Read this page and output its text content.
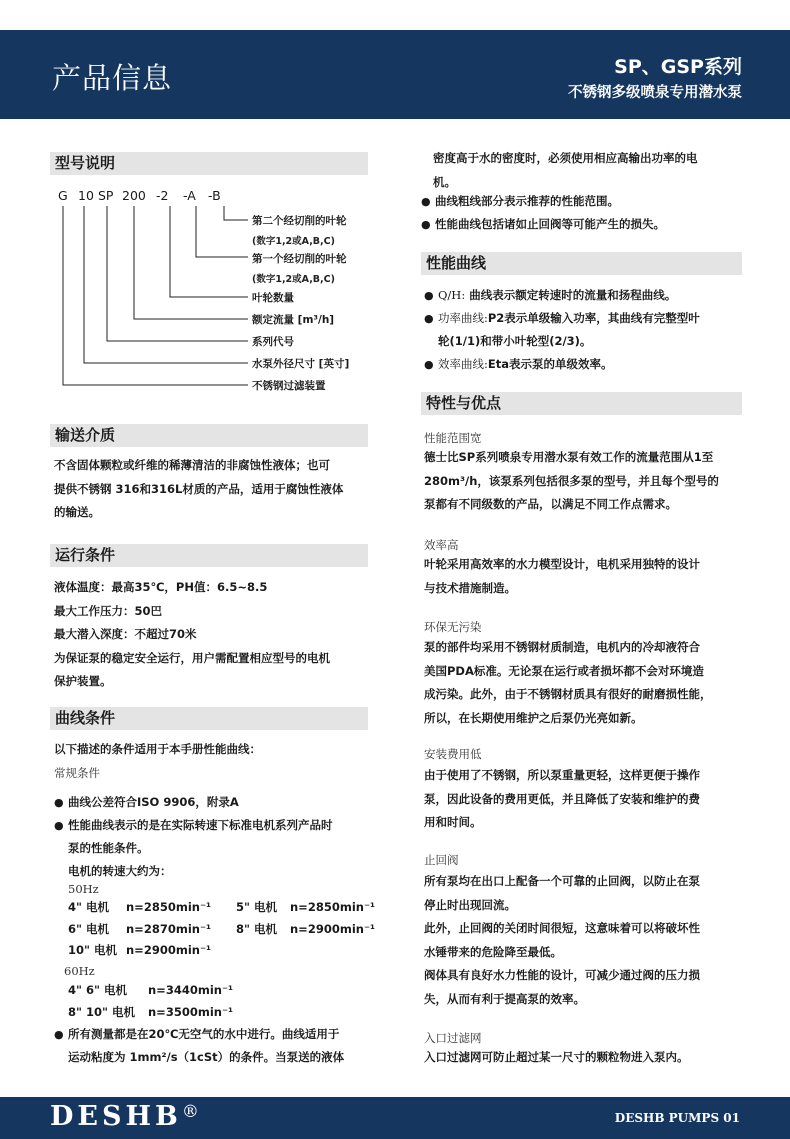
产品信息	SP、GSP系列
不锈钢多级喷泉专用潜水泵
型号说明
G 10 SP 200 -2 -A -B
第二个经切削的叶轮
(数字1,2或A,B,C)
第一个经切削的叶轮
(数字1,2或A,B,C)
叶轮数量
额定流量 [m³/h]
系列代号
水泵外径尺寸 [英寸]
不锈钢过滤装置
输送介质
不含固体颗粒或纤维的稀薄清洁的非腐蚀性液体；也可
提供不锈钢 316和316L材质的产品，适用于腐蚀性液体
的输送。
运行条件
液体温度：最高35℃，PH值：6.5~8.5
最大工作压力：50巴
最大潜入深度：不超过70米
为保证泵的稳定安全运行，用户需配置相应型号的电机
保护装置。
曲线条件
以下描述的条件适用于本手册性能曲线：
常规条件
● 曲线公差符合ISO 9906，附录A
● 性能曲线表示的是在实际转速下标准电机系列产品时
泵的性能条件。
电机的转速大约为：
50Hz
4" 电机 n=2850min⁻¹ 5" 电机 n=2850min⁻¹
6" 电机 n=2870min⁻¹ 8" 电机 n=2900min⁻¹
10" 电机 n=2900min⁻¹
60Hz
4" 6" 电机 n=3440min⁻¹
8" 10" 电机 n=3500min⁻¹
● 所有测量都是在20℃无空气的水中进行。曲线适用于
运动粘度为 1mm²/s（1cSt）的条件。当泵送的液体
密度高于水的密度时，必须使用相应高输出功率的电
机。
● 曲线粗线部分表示推荐的性能范围。
● 性能曲线包括诸如止回阀等可能产生的损失。
性能曲线
● Q/H: 曲线表示额定转速时的流量和扬程曲线。
● 功率曲线:P2表示单级输入功率，其曲线有完整型叶
轮(1/1)和带小叶轮型(2/3)。
● 效率曲线:Eta表示泵的单级效率。
特性与优点
性能范围宽
德士比SP系列喷泉专用潜水泵有效工作的流量范围从1至
280m³/h，该泵系列包括很多泵的型号，并且每个型号的
泵都有不同级数的产品，以满足不同工作点需求。
效率高
叶轮采用高效率的水力模型设计，电机采用独特的设计
与技术措施制造。
环保无污染
泵的部件均采用不锈钢材质制造，电机内的冷却液符合
美国PDA标准。无论泵在运行或者损坏都不会对环境造
成污染。此外，由于不锈钢材质具有很好的耐磨损性能，
所以，在长期使用维护之后泵仍光亮如新。
安装费用低
由于使用了不锈钢，所以泵重量更轻，这样更便于操作
泵，因此设备的费用更低，并且降低了安装和维护的费
用和时间。
止回阀
所有泵均在出口上配备一个可靠的止回阀，以防止在泵
停止时出现回流。
此外，止回阀的关闭时间很短，这意味着可以将破坏性
水锤带来的危险降至最低。
阀体具有良好水力性能的设计，可减少通过阀的压力损
失，从而有利于提高泵的效率。
入口过滤网
入口过滤网可防止超过某一尺寸的颗粒物进入泵内。
DESHB®	DESHB PUMPS 01
